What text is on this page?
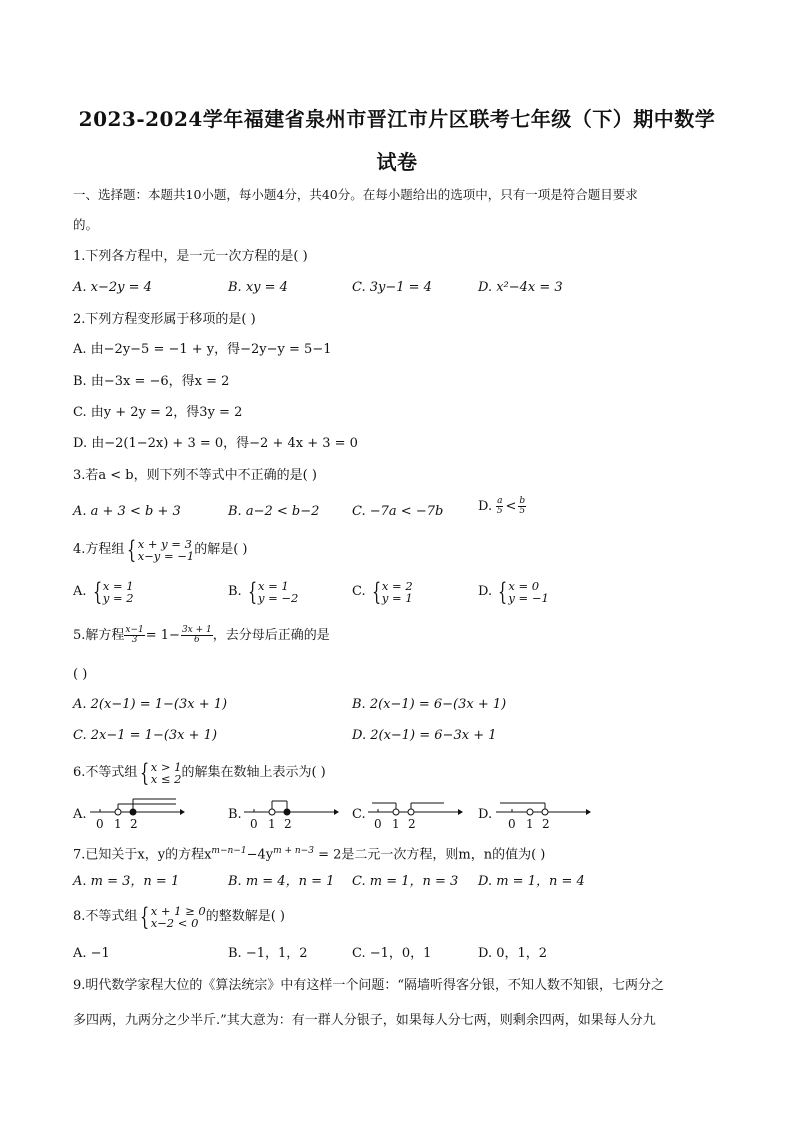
2023-2024学年福建省泉州市晋江市片区联考七年级（下）期中数学
试卷
一、选择题：本题共10小题，每小题4分，共40分。在每小题给出的选项中，只有一项是符合题目要求
的。
1.下列各方程中，是一元一次方程的是( )
A. x−2y = 4	B. xy = 4	C. 3y−1 = 4	D. x²−4x = 3
2.下列方程变形属于移项的是( )
A. 由−2y−5 = −1 + y，得−2y−y = 5−1
B. 由−3x = −6，得x = 2
C. 由y + 2y = 2，得3y = 2
D. 由−2(1−2x) + 3 = 0，得−2 + 4x + 3 = 0
3.若a < b，则下列不等式中不正确的是( )
A. a + 3 < b + 3	B. a−2 < b−2	C. −7a < −7b	D. $\frac{a}{5} < \frac{b}{5}$
4.方程组 { x + y = 3
x−y = −1 的解是( )
A. { x = 1
y = 2	B. { x = 1
y = −2	C. { x = 2
y = 1	D. { x = 0
y = −1
5.解方程 $\frac{x-1}{3} = 1- \frac{3x + 1}{6}$ ，去分母后正确的是
( )
A. 2(x−1) = 1−(3x + 1)	B. 2(x−1) = 6−(3x + 1)
C. 2x−1 = 1−(3x + 1)	D. 2(x−1) = 6−3x + 1
6.不等式组 { x > 1
x ≤ 2 的解集在数轴上表示为( )
A.
0 1 2
B.
0 1 2
C.
0 1 2
D.
0 1 2
7.已知关于x，y的方程$x^{m-n-1}-4y^{m + n-3} = 2$是二元一次方程，则m，n的值为( )
A. m = 3，n = 1	B. m = 4，n = 1 C. m = 1，n = 3 D. m = 1，n = 4
8.不等式组 { x + 1 ≥ 0
x−2 < 0 的整数解是( )
A. −1	B. −1，1，2	C. −1，0，1	D. 0，1，2
9.明代数学家程大位的《算法统宗》中有这样一个问题：“隔墙听得客分银，不知人数不知银，七两分之
多四两，九两分之少半斤.”其大意为：有一群人分银子，如果每人分七两，则剩余四两，如果每人分九
